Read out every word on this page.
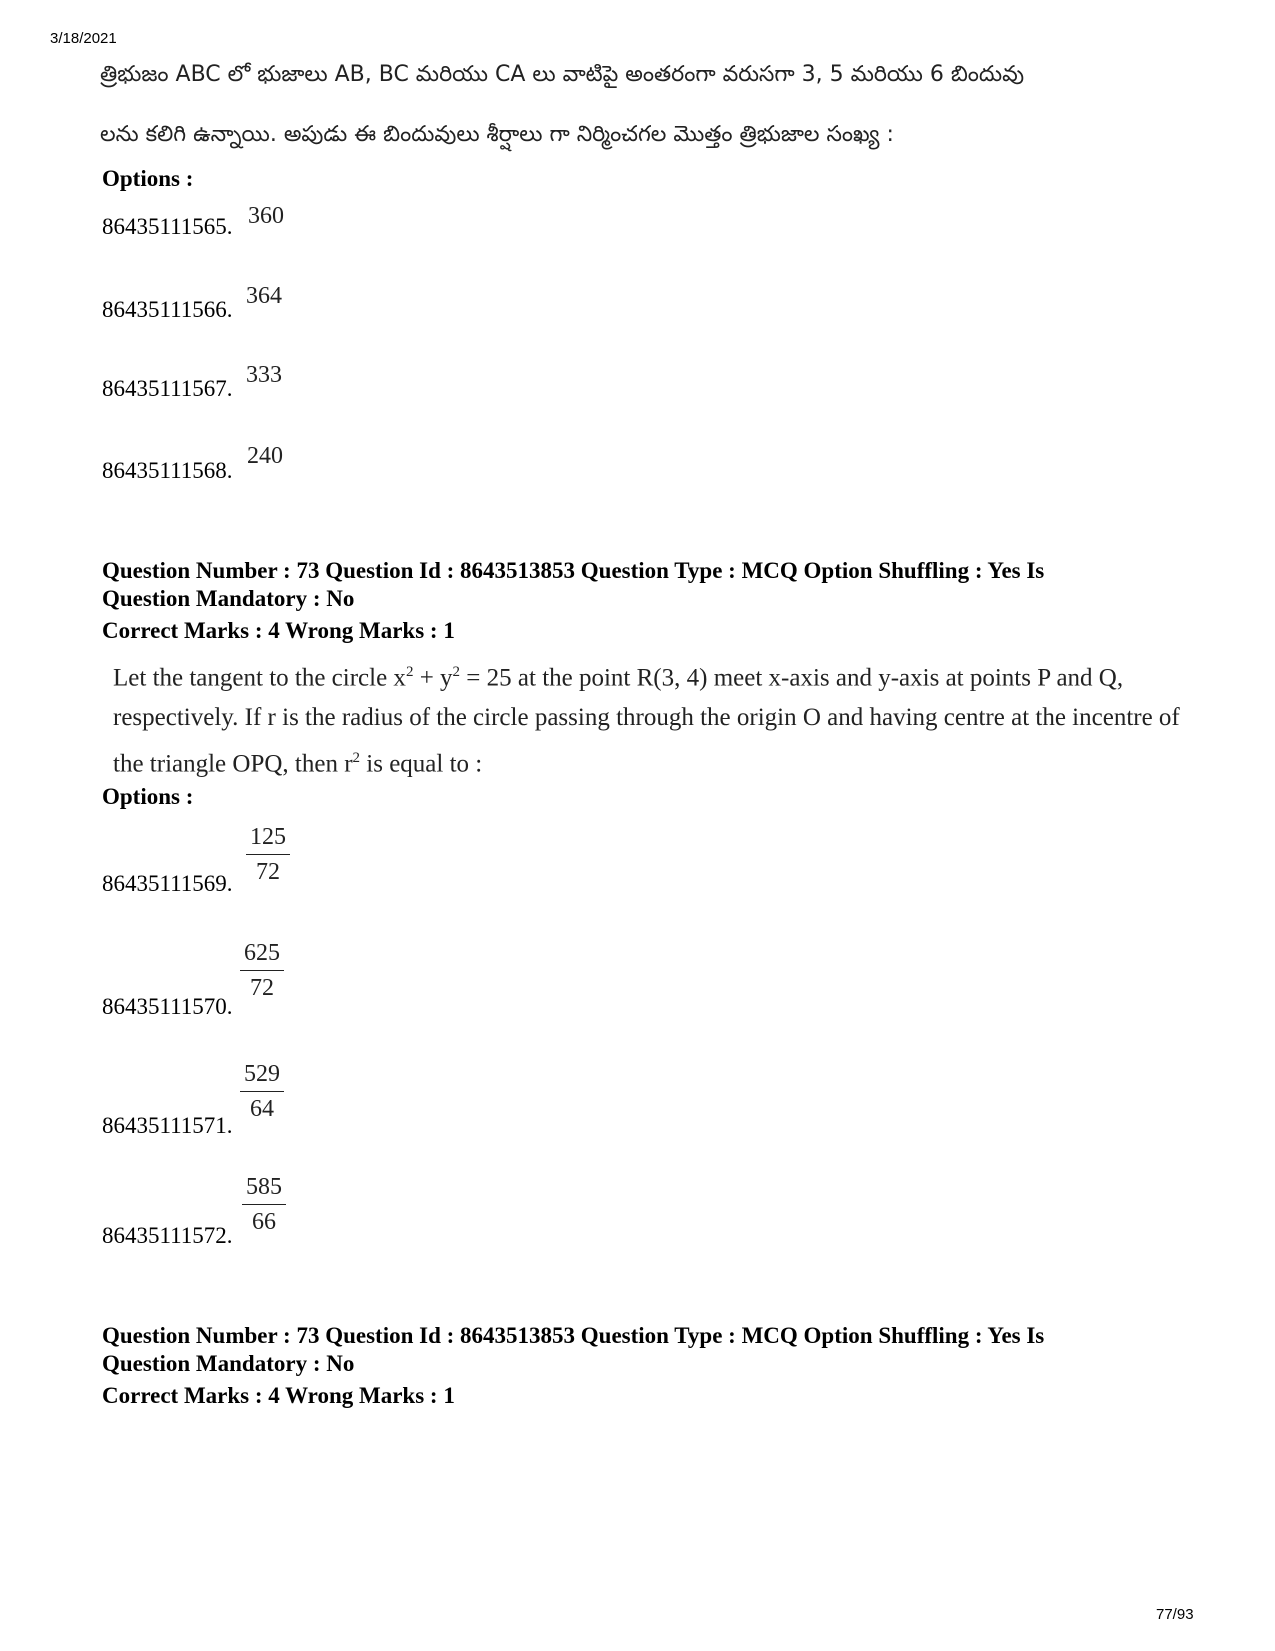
3/18/2021
త్రిభుజం ABC లో భుజాలు AB, BC మరియు CA లు వాటిపై అంతరంగా వరుసగా 3, 5 మరియు 6 బిందువు
లను కలిగి ఉన్నాయి. అపుడు ఈ బిందువులు శీర్షాలు గా నిర్మించగల మొత్తం త్రిభుజాల సంఖ్య :
Options :
86435111565. 360
86435111566.
364
86435111567.
333
86435111568.
240
Question Number : 73 Question Id : 8643513853 Question Type : MCQ Option Shuffling : Yes Is
Question Mandatory : No
Correct Marks : 4 Wrong Marks : 1
Let the tangent to the circle $x^2 + y^2 = 25$ at the point R(3, 4) meet x-axis and y-axis at points P and Q, respectively. If r is the radius of the circle passing through the origin O and having centre at the incentre of the triangle OPQ, then $r^2$ is equal to :
Options :
86435111569. $\frac{125}{72}$
86435111570.
$\frac{625}{72}$
86435111571.
$\frac{529}{64}$
86435111572. $\frac{585}{66}$
Question Number : 73 Question Id : 8643513853 Question Type : MCQ Option Shuffling : Yes Is
Question Mandatory : No
Correct Marks : 4 Wrong Marks : 1
77/93
